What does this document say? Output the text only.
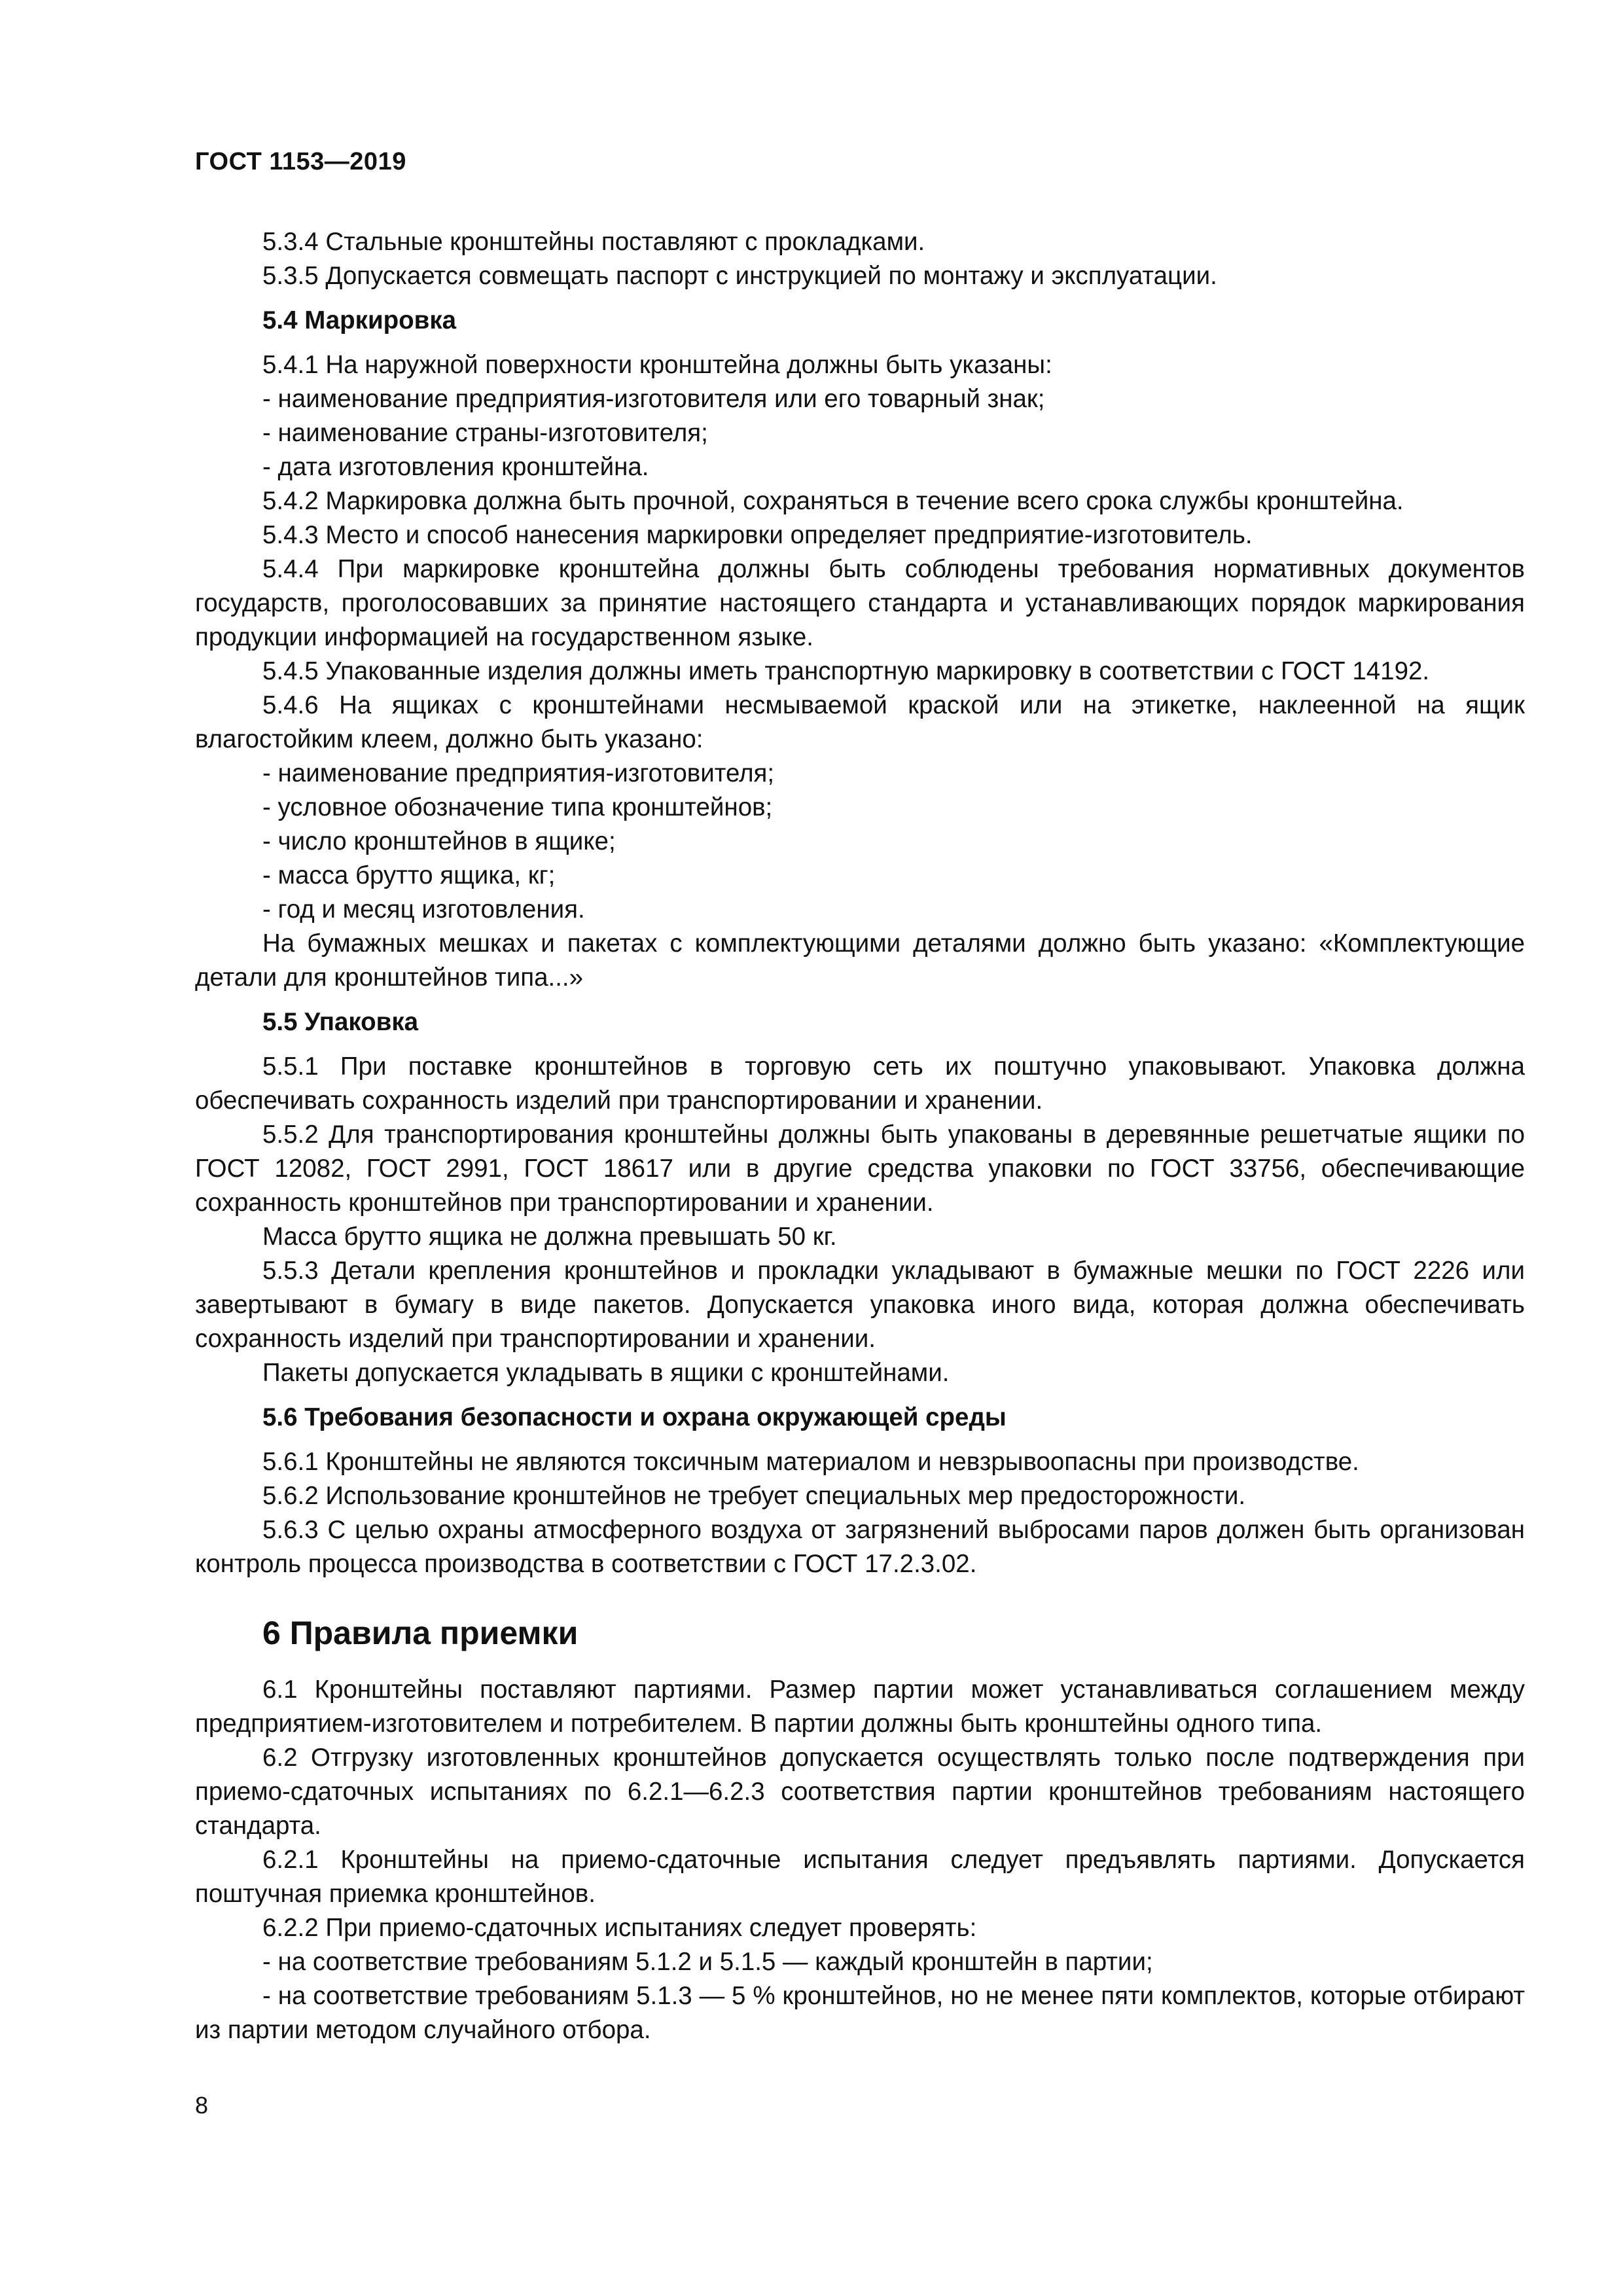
ГОСТ 1153—2019

5.3.4 Стальные кронштейны поставляют с прокладками.

5.3.5 Допускается совмещать паспорт с инструкцией по монтажу и эксплуатации.

5.4 Маркировка

5.4.1 На наружной поверхности кронштейна должны быть указаны:

- наименование предприятия-изготовителя или его товарный знак;

- наименование страны-изготовителя;

- дата изготовления кронштейна.

5.4.2 Маркировка должна быть прочной, сохраняться в течение всего срока службы кронштейна.

5.4.3 Место и способ нанесения маркировки определяет предприятие-изготовитель.

5.4.4 При маркировке кронштейна должны быть соблюдены требования нормативных документов государств, проголосовавших за принятие настоящего стандарта и устанавливающих порядок маркирования продукции информацией на государственном языке.

5.4.5 Упакованные изделия должны иметь транспортную маркировку в соответствии с ГОСТ 14192.

5.4.6 На ящиках с кронштейнами несмываемой краской или на этикетке, наклеенной на ящик влагостойким клеем, должно быть указано:

- наименование предприятия-изготовителя;

- условное обозначение типа кронштейнов;

- число кронштейнов в ящике;

- масса брутто ящика, кг;

- год и месяц изготовления.

На бумажных мешках и пакетах с комплектующими деталями должно быть указано: «Комплектующие детали для кронштейнов типа...»

5.5 Упаковка

5.5.1 При поставке кронштейнов в торговую сеть их поштучно упаковывают. Упаковка должна обеспечивать сохранность изделий при транспортировании и хранении.

5.5.2 Для транспортирования кронштейны должны быть упакованы в деревянные решетчатые ящики по ГОСТ 12082, ГОСТ 2991, ГОСТ 18617 или в другие средства упаковки по ГОСТ 33756, обеспечивающие сохранность кронштейнов при транспортировании и хранении.

Масса брутто ящика не должна превышать 50 кг.

5.5.3 Детали крепления кронштейнов и прокладки укладывают в бумажные мешки по ГОСТ 2226 или завертывают в бумагу в виде пакетов. Допускается упаковка иного вида, которая должна обеспечивать сохранность изделий при транспортировании и хранении.

Пакеты допускается укладывать в ящики с кронштейнами.

5.6 Требования безопасности и охрана окружающей среды

5.6.1 Кронштейны не являются токсичным материалом и невзрывоопасны при производстве.

5.6.2 Использование кронштейнов не требует специальных мер предосторожности.

5.6.3 С целью охраны атмосферного воздуха от загрязнений выбросами паров должен быть организован контроль процесса производства в соответствии с ГОСТ 17.2.3.02.

6 Правила приемки

6.1 Кронштейны поставляют партиями. Размер партии может устанавливаться соглашением между предприятием-изготовителем и потребителем. В партии должны быть кронштейны одного типа.

6.2 Отгрузку изготовленных кронштейнов допускается осуществлять только после подтверждения при приемо-сдаточных испытаниях по 6.2.1—6.2.3 соответствия партии кронштейнов требованиям настоящего стандарта.

6.2.1 Кронштейны на приемо-сдаточные испытания следует предъявлять партиями. Допускается поштучная приемка кронштейнов.

6.2.2 При приемо-сдаточных испытаниях следует проверять:

- на соответствие требованиям 5.1.2 и 5.1.5 — каждый кронштейн в партии;

- на соответствие требованиям 5.1.3 — 5 % кронштейнов, но не менее пяти комплектов, которые отбирают из партии методом случайного отбора.

8
